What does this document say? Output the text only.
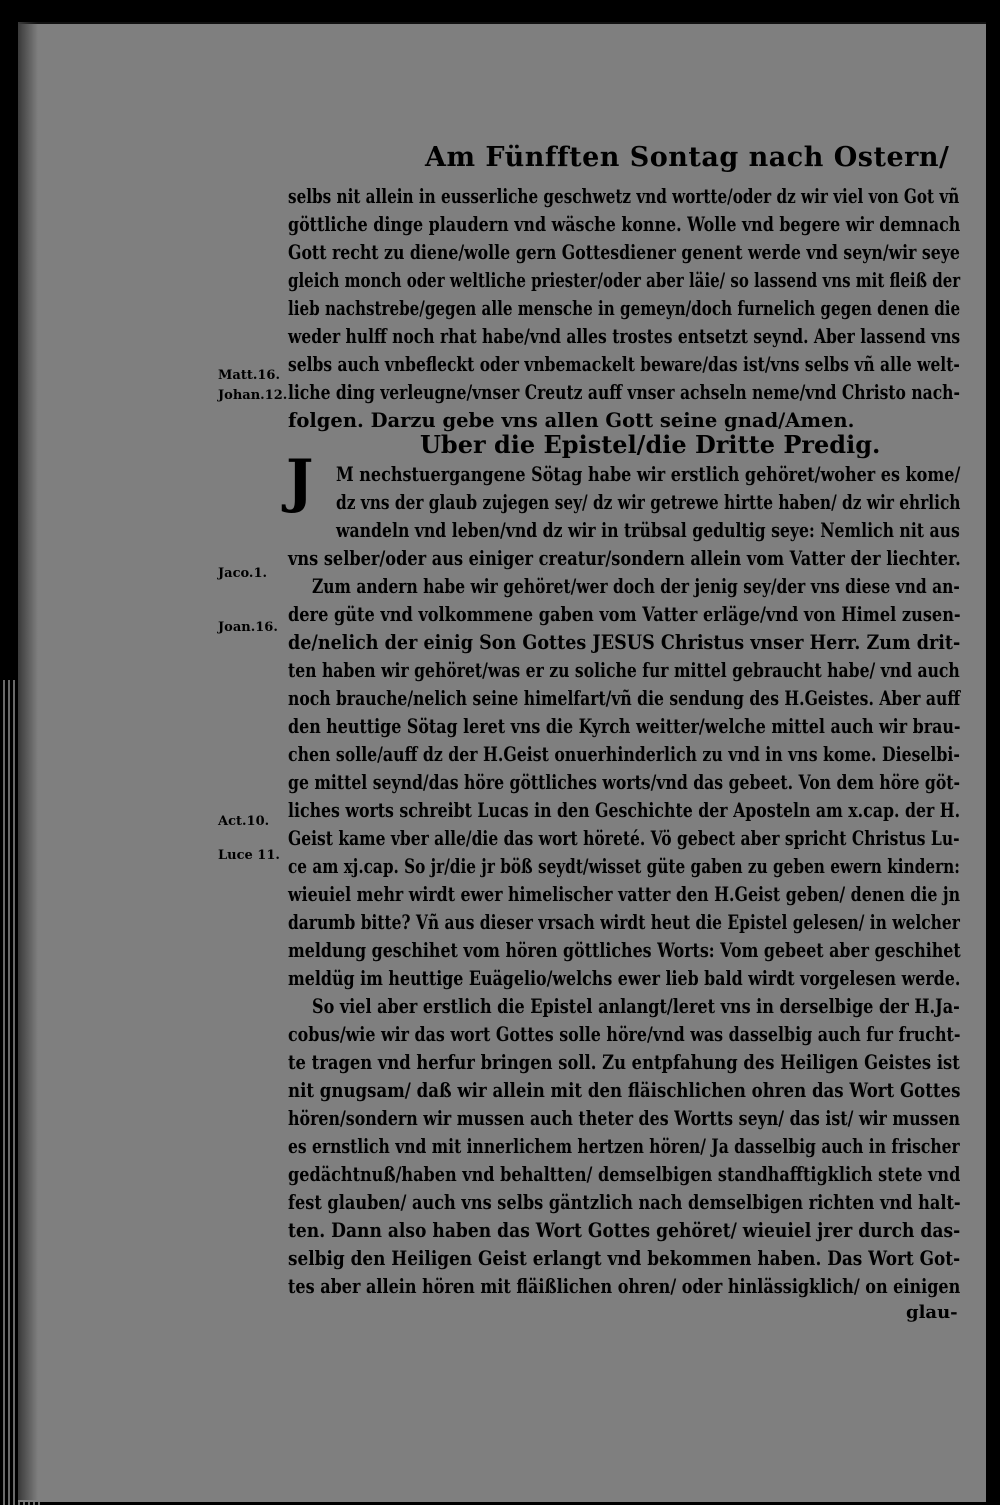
Am Fünfften Sontag nach Ostern/
selbs nit allein in eusserliche geschwetz vnd wortte/oder dz wir viel von Got vñ
göttliche dinge plaudern vnd wäsche konne. Wolle vnd begere wir demnach
Gott recht zu diene/wolle gern Gottesdiener genent werde vnd seyn/wir seye
gleich monch oder weltliche priester/oder aber läie/ so lassend vns mit fleiß der
lieb nachstrebe/gegen alle mensche in gemeyn/doch furnelich gegen denen die
weder hulff noch rhat habe/vnd alles trostes entsetzt seynd. Aber lassend vns
selbs auch vnbefleckt oder vnbemackelt beware/das ist/vns selbs vñ alle welt-
liche ding verleugne/vnser Creutz auff vnser achseln neme/vnd Christo nach-
folgen. Darzu gebe vns allen Gott seine gnad/Amen.
Uber die Epistel/die Dritte Predig.
J M nechstuergangene Sötag habe wir erstlich gehöret/woher es kome/
dz vns der glaub zujegen sey/ dz wir getrewe hirtte haben/ dz wir ehrlich
wandeln vnd leben/vnd dz wir in trübsal gedultig seye: Nemlich nit aus
vns selber/oder aus einiger creatur/sondern allein vom Vatter der liechter.
Zum andern habe wir gehöret/wer doch der jenig sey/der vns diese vnd an-
dere güte vnd volkommene gaben vom Vatter erläge/vnd von Himel zusen-
de/nelich der einig Son Gottes JESUS Christus vnser Herr. Zum drit-
ten haben wir gehöret/was er zu soliche fur mittel gebraucht habe/ vnd auch
noch brauche/nelich seine himelfart/vñ die sendung des H.Geistes. Aber auff
den heuttige Sötag leret vns die Kyrch weitter/welche mittel auch wir brau-
chen solle/auff dz der H.Geist onuerhinderlich zu vnd in vns kome. Dieselbi-
ge mittel seynd/das höre göttliches worts/vnd das gebeet. Von dem höre göt-
liches worts schreibt Lucas in den Geschichte der Aposteln am x.cap. der H.
Geist kame vber alle/die das wort höreté. Vö gebect aber spricht Christus Lu-
ce am xj.cap. So jr/die jr böß seydt/wisset güte gaben zu geben ewern kindern:
wieuiel mehr wirdt ewer himelischer vatter den H.Geist geben/ denen die jn
darumb bitte? Vñ aus dieser vrsach wirdt heut die Epistel gelesen/ in welcher
meldung geschihet vom hören göttliches Worts: Vom gebeet aber geschihet
meldüg im heuttige Euägelio/welchs ewer lieb bald wirdt vorgelesen werde.
So viel aber erstlich die Epistel anlangt/leret vns in derselbige der H.Ja-
cobus/wie wir das wort Gottes solle höre/vnd was dasselbig auch fur frucht-
te tragen vnd herfur bringen soll. Zu entpfahung des Heiligen Geistes ist
nit gnugsam/ daß wir allein mit den fläischlichen ohren das Wort Gottes
hören/sondern wir mussen auch theter des Wortts seyn/ das ist/ wir mussen
es ernstlich vnd mit innerlichem hertzen hören/ Ja dasselbig auch in frischer
gedächtnuß/haben vnd behaltten/ demselbigen standhafftigklich stete vnd
fest glauben/ auch vns selbs gäntzlich nach demselbigen richten vnd halt-
ten. Dann also haben das Wort Gottes gehöret/ wieuiel jrer durch das-
selbig den Heiligen Geist erlangt vnd bekommen haben. Das Wort Got-
tes aber allein hören mit fläißlichen ohren/ oder hinlässigklich/ on einigen
glau-
Matt.16.
Johan.12.
Jaco.1.
Joan.16.
Act.10.
Luce 11.
